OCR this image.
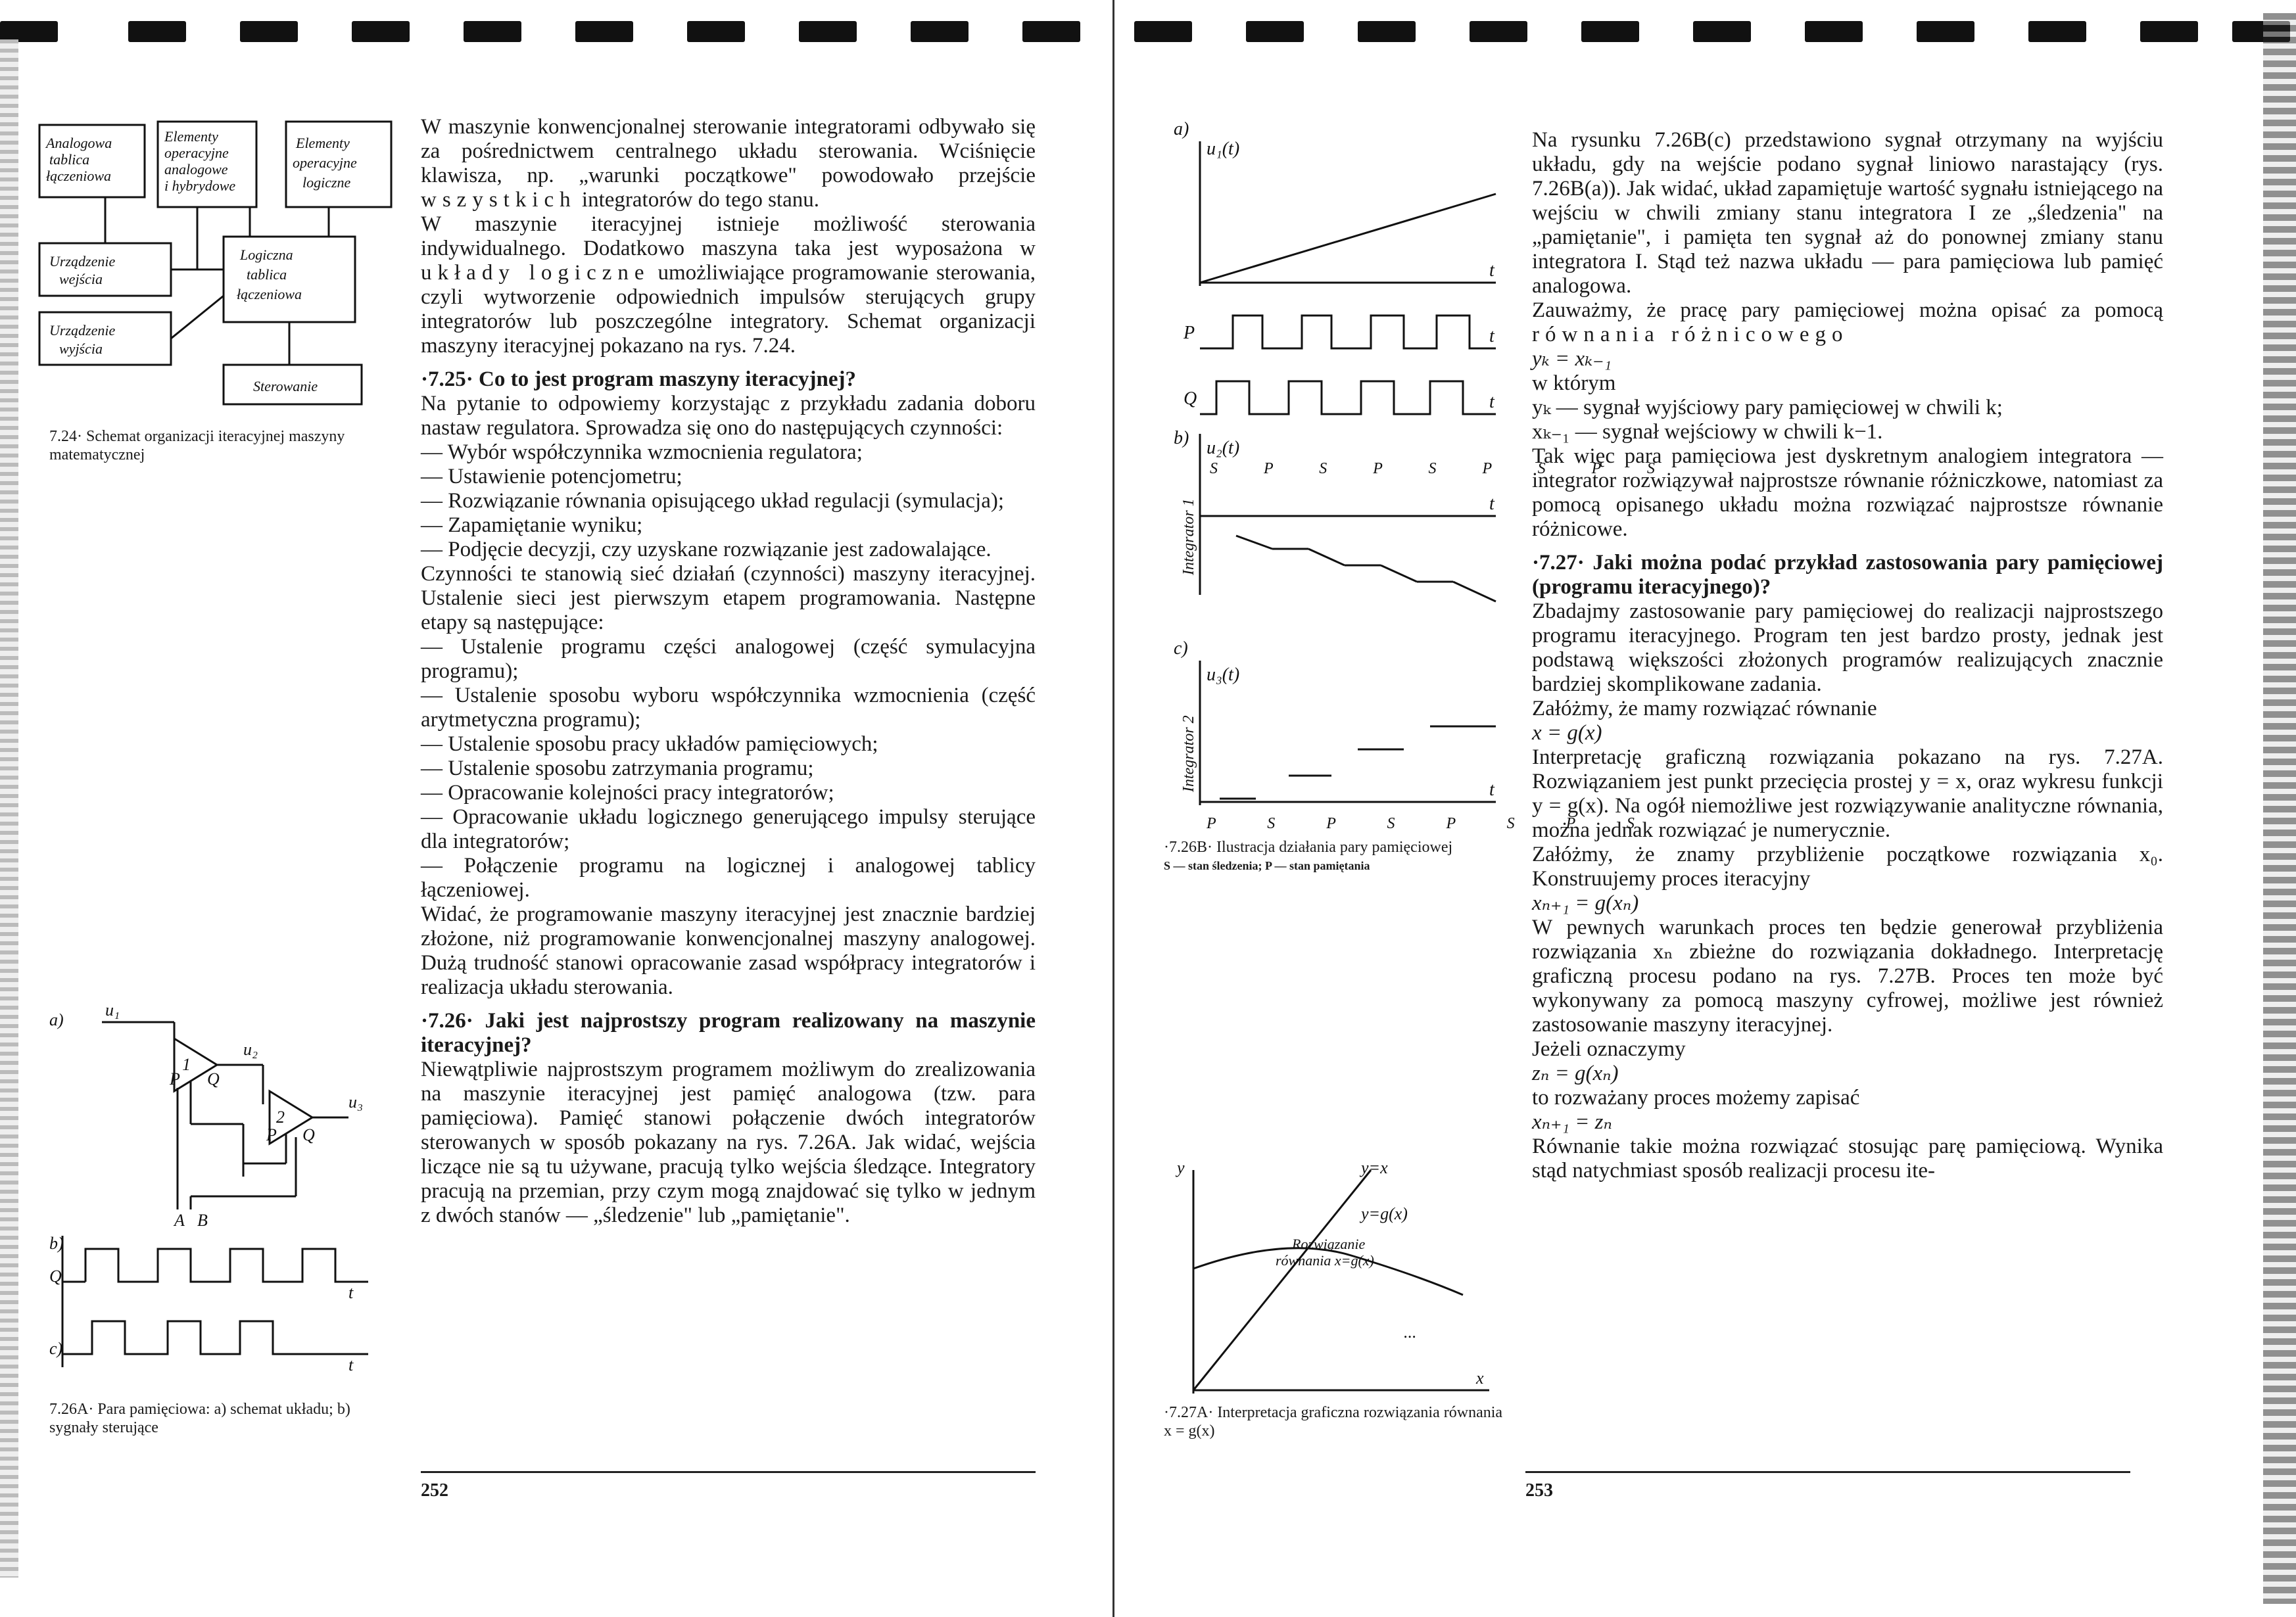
Analogowa
tablica
łączeniowa
Elementy
operacyjne
analogowe
i hybrydowe
Elementy
operacyjne
logiczne
Urządzenie
wejścia
Logiczna
tablica
łączeniowa
Urządzenie
wyjścia
Sterowanie
7.24· Schemat organizacji iteracyjnej maszyny matematycznej
a)
u₁
u₂
u₃
1
2
P Q
P Q
A B
b)
Q
c)
t
t
7.26A· Para pamięciowa: a) schemat układu; b) sygnały sterujące

W maszynie konwencjonalnej sterowanie integratorami odbywało się za pośrednictwem centralnego układu sterowania. Wciśnięcie klawisza, np. „warunki początkowe" powodowało przejście wszystkich integratorów do tego stanu.

W maszynie iteracyjnej istnieje możliwość sterowania indywidualnego. Dodatkowo maszyna taka jest wyposażona w układy logiczne umożliwiające programowanie sterowania, czyli wytworzenie odpowiednich impulsów sterujących grupy integratorów lub poszczególne integratory. Schemat organizacji maszyny iteracyjnej pokazano na rys. 7.24.

·7.25· Co to jest program maszyny iteracyjnej?

Na pytanie to odpowiemy korzystając z przykładu zadania doboru nastaw regulatora. Sprowadza się ono do następujących czynności:

— Wybór współczynnika wzmocnienia regulatora;

— Ustawienie potencjometru;

— Rozwiązanie równania opisującego układ regulacji (symulacja);

— Zapamiętanie wyniku;

— Podjęcie decyzji, czy uzyskane rozwiązanie jest zadowalające.

Czynności te stanowią sieć działań (czynności) maszyny iteracyjnej. Ustalenie sieci jest pierwszym etapem programowania. Następne etapy są następujące:

— Ustalenie programu części analogowej (część symulacyjna programu);

— Ustalenie sposobu wyboru współczynnika wzmocnienia (część arytmetyczna programu);

— Ustalenie sposobu pracy układów pamięciowych;

— Ustalenie sposobu zatrzymania programu;

— Opracowanie kolejności pracy integratorów;

— Opracowanie układu logicznego generującego impulsy sterujące dla integratorów;

— Połączenie programu na logicznej i analogowej tablicy łączeniowej.

Widać, że programowanie maszyny iteracyjnej jest znacznie bardziej złożone, niż programowanie konwencjonalnej maszyny analogowej. Dużą trudność stanowi opracowanie zasad współpracy integratorów i realizacja układu sterowania.

·7.26· Jaki jest najprostszy program realizowany na maszynie iteracyjnej?

Niewątpliwie najprostszym programem możliwym do zrealizowania na maszynie iteracyjnej jest pamięć analogowa (tzw. para pamięciowa). Pamięć stanowi połączenie dwóch integratorów sterowanych w sposób pokazany na rys. 7.26A. Jak widać, wejścia liczące nie są tu używane, pracują tylko wejścia śledzące. Integratory pracują na przemian, przy czym mogą znajdować się tylko w jednym z dwóch stanów — „śledzenie" lub „pamiętanie".

252
a)
u₁(t)
t
P	t
Q	t
b) u₂(t)
S P S P S P S P S
t
c)
u₃(t)
t
P S P S P S P S
Integrator 1
Integrator 2
·7.26B· Ilustracja działania pary pamięciowej
S — stan śledzenia; P — stan pamiętania
y
x
y=x
y=g(x)
Rozwiązanie
równania x=g(x)
...
·7.27A· Interpretacja graficzna rozwiązania równania x = g(x)

Na rysunku 7.26B(c) przedstawiono sygnał otrzymany na wyjściu układu, gdy na wejście podano sygnał liniowo narastający (rys. 7.26B(a)). Jak widać, układ zapamiętuje wartość sygnału istniejącego na wejściu w chwili zmiany stanu integratora I ze „śledzenia" na „pamiętanie", i pamięta ten sygnał aż do ponownej zmiany stanu integratora I. Stąd też nazwa układu — para pamięciowa lub pamięć analogowa.

Zauważmy, że pracę pary pamięciowej można opisać za pomocą równania różnicowego

yₖ = xₖ₋₁

w którym

yₖ — sygnał wyjściowy pary pamięciowej w chwili k;

xₖ₋₁ — sygnał wejściowy w chwili k−1.

Tak więc para pamięciowa jest dyskretnym analogiem integratora — integrator rozwiązywał najprostsze równanie różniczkowe, natomiast za pomocą opisanego układu można rozwiązać najprostsze równanie różnicowe.

·7.27· Jaki można podać przykład zastosowania pary pamięciowej (programu iteracyjnego)?

Zbadajmy zastosowanie pary pamięciowej do realizacji najprostszego programu iteracyjnego. Program ten jest bardzo prosty, jednak jest podstawą większości złożonych programów realizujących znacznie bardziej skomplikowane zadania.

Załóżmy, że mamy rozwiązać równanie

x = g(x)

Interpretację graficzną rozwiązania pokazano na rys. 7.27A. Rozwiązaniem jest punkt przecięcia prostej y = x, oraz wykresu funkcji y = g(x). Na ogół niemożliwe jest rozwiązywanie analityczne równania, można jednak rozwiązać je numerycznie.

Załóżmy, że znamy przybliżenie początkowe rozwiązania x₀. Konstruujemy proces iteracyjny

xₙ₊₁ = g(xₙ)

W pewnych warunkach proces ten będzie generował przybliżenia rozwiązania xₙ zbieżne do rozwiązania dokładnego. Interpretację graficzną procesu podano na rys. 7.27B. Proces ten może być wykonywany za pomocą maszyny cyfrowej, możliwe jest również zastosowanie maszyny iteracyjnej.

Jeżeli oznaczymy

zₙ = g(xₙ)

to rozważany proces możemy zapisać

xₙ₊₁ = zₙ

Równanie takie można rozwiązać stosując parę pamięciową. Wynika stąd natychmiast sposób realizacji procesu ite-

253
